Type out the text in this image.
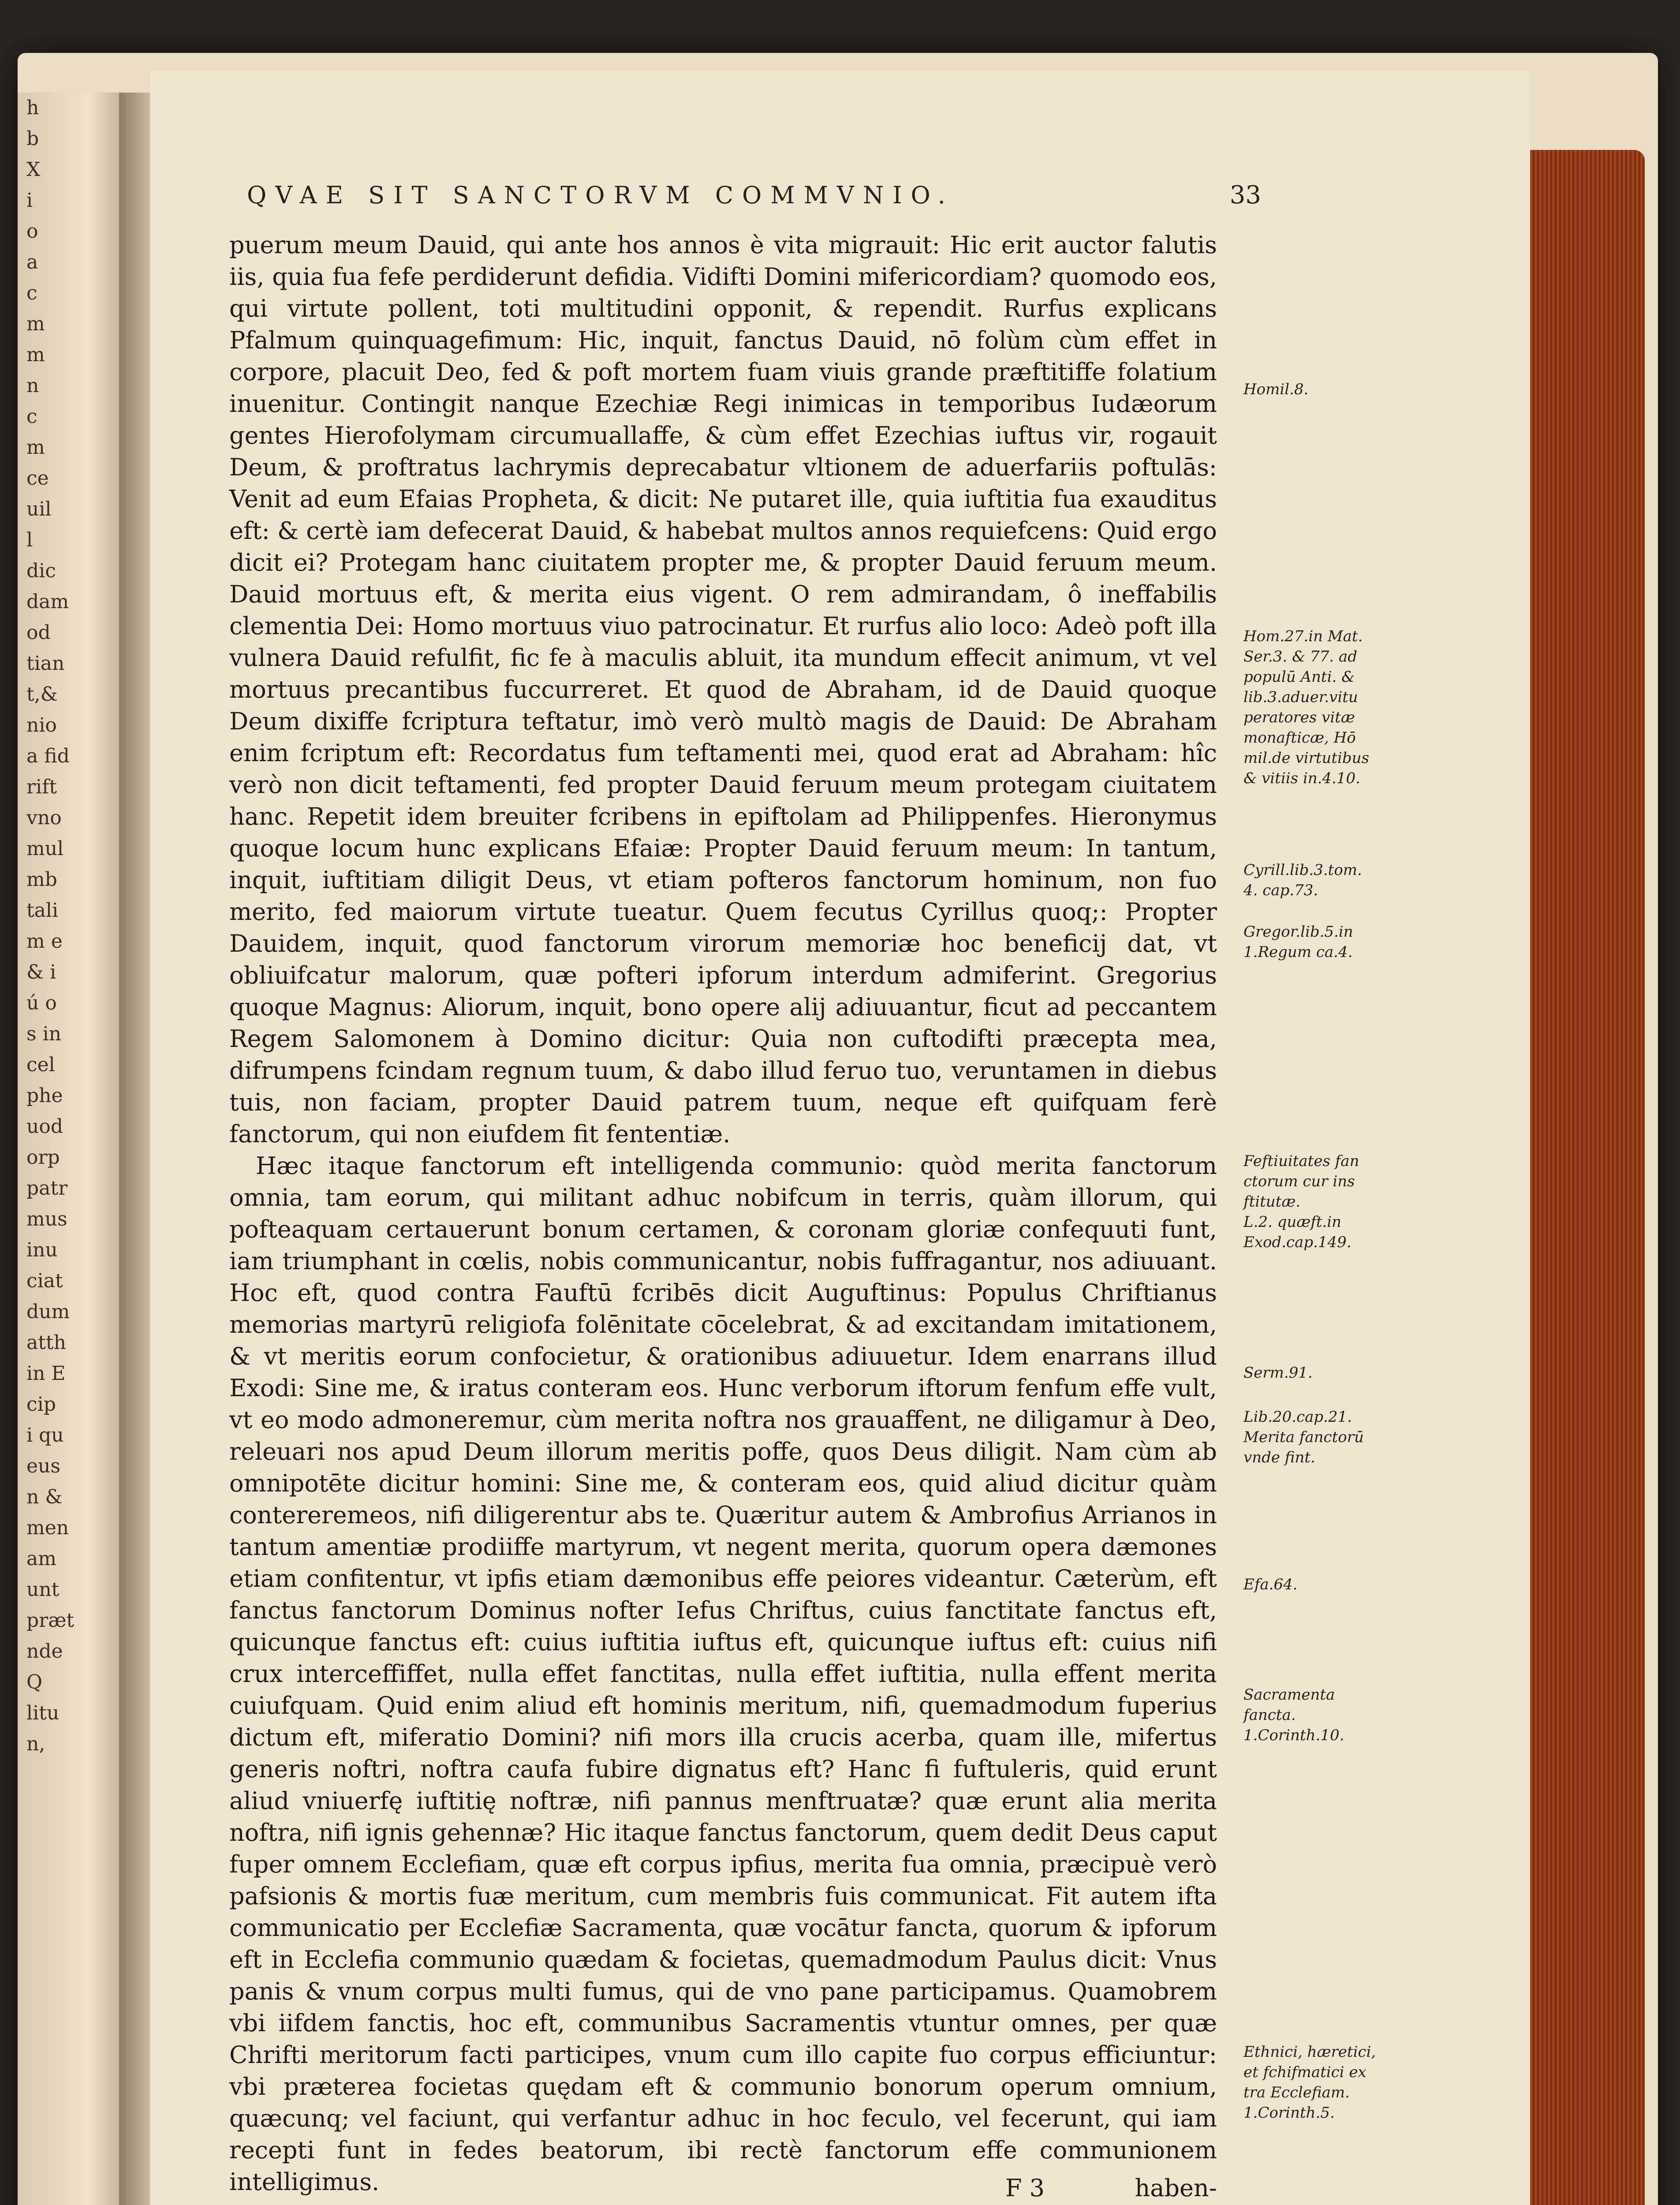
h
b
X
i
o
a
c
m
m
n
c
m
ce
uil
l
dic
dam
od
tian
t,&
nio
a fid
rift
vno
mul
mb
tali
m e
& i
ú o
s in
cel
phe
uod
orp
patr
mus
inu
ciat
dum
atth
in E
cip
i qu
eus
n &
men
am
unt
præt
nde
Q
litu
n,
QVAE SIT SANCTORVM COMMVNIO.	33

puerum meum Dauid, qui ante hos annos è vita migrauit: Hic erit auctor falutis iis, quia fua fefe perdiderunt defidia. Vidifti Domini mifericordiam? quomodo eos, qui virtute pollent, toti multitudini opponit, & rependit. Rurfus explicans Pfalmum quinquagefimum: Hic, inquit, fanctus Dauid, nō folùm cùm effet in corpore, placuit Deo, fed & poft mortem fuam viuis grande præftitiffe folatium inuenitur. Contingit nanque Ezechiæ Regi inimicas in temporibus Iudæorum gentes Hierofolymam circumuallaffe, & cùm effet Ezechias iuftus vir, rogauit Deum, & proftratus lachrymis deprecabatur vltionem de aduerfariis poftulās: Venit ad eum Efaias Propheta, & dicit: Ne putaret ille, quia iuftitia fua exauditus eft: & certè iam defecerat Dauid, & habebat multos annos requiefcens: Quid ergo dicit ei? Protegam hanc ciuitatem propter me, & propter Dauid feruum meum. Dauid mortuus eft, & merita eius vigent. O rem admirandam, ô ineffabilis clementia Dei: Homo mortuus viuo patrocinatur. Et rurfus alio loco: Adeò poft illa vulnera Dauid refulfit, fic fe à maculis abluit, ita mundum effecit animum, vt vel mortuus precantibus fuccurreret. Et quod de Abraham, id de Dauid quoque Deum dixiffe fcriptura teftatur, imò verò multò magis de Dauid: De Abraham enim fcriptum eft: Recordatus fum teftamenti mei, quod erat ad Abraham: hîc verò non dicit teftamenti, fed propter Dauid feruum meum protegam ciuitatem hanc. Repetit idem breuiter fcribens in epiftolam ad Philippenfes. Hieronymus quoque locum hunc explicans Efaiæ: Propter Dauid feruum meum: In tantum, inquit, iuftitiam diligit Deus, vt etiam pofteros fanctorum hominum, non fuo merito, fed maiorum virtute tueatur. Quem fecutus Cyrillus quoq;: Propter Dauidem, inquit, quod fanctorum virorum memoriæ hoc beneficij dat, vt obliuifcatur malorum, quæ pofteri ipforum interdum admiferint. Gregorius quoque Magnus: Aliorum, inquit, bono opere alij adiuuantur, ficut ad peccantem Regem Salomonem à Domino dicitur: Quia non cuftodifti præcepta mea, difrumpens fcindam regnum tuum, & dabo illud feruo tuo, veruntamen in diebus tuis, non faciam, propter Dauid patrem tuum, neque eft quifquam ferè fanctorum, qui non eiufdem fit fententiæ.

Hæc itaque fanctorum eft intelligenda communio: quòd merita fanctorum omnia, tam eorum, qui militant adhuc nobifcum in terris, quàm illorum, qui pofteaquam certauerunt bonum certamen, & coronam gloriæ confequuti funt, iam triumphant in cœlis, nobis communicantur, nobis fuffragantur, nos adiuuant. Hoc eft, quod contra Fauftū fcribēs dicit Auguftinus: Populus Chriftianus memorias martyrū religiofa folēnitate cōcelebrat, & ad excitandam imitationem, & vt meritis eorum confocietur, & orationibus adiuuetur. Idem enarrans illud Exodi: Sine me, & iratus conteram eos. Hunc verborum iftorum fenfum effe vult, vt eo modo admoneremur, cùm merita noftra nos grauaffent, ne diligamur à Deo, releuari nos apud Deum illorum meritis poffe, quos Deus diligit. Nam cùm ab omnipotēte dicitur homini: Sine me, & conteram eos, quid aliud dicitur quàm contereremeos, nifi diligerentur abs te. Quæritur autem & Ambrofius Arrianos in tantum amentiæ prodiiffe martyrum, vt negent merita, quorum opera dæmones etiam confitentur, vt ipfis etiam dæmonibus effe peiores videantur. Cæterùm, eft fanctus fanctorum Dominus nofter Iefus Chriftus, cuius fanctitate fanctus eft, quicunque fanctus eft: cuius iuftitia iuftus eft, quicunque iuftus eft: cuius nifi crux interceffiffet, nulla effet fanctitas, nulla effet iuftitia, nulla effent merita cuiufquam. Quid enim aliud eft hominis meritum, nifi, quemadmodum fuperius dictum eft, miferatio Domini? nifi mors illa crucis acerba, quam ille, mifertus generis noftri, noftra caufa fubire dignatus eft? Hanc fi fuftuleris, quid erunt aliud vniuerfę iuftitię noftræ, nifi pannus menftruatæ? quæ erunt alia merita noftra, nifi ignis gehennæ? Hic itaque fanctus fanctorum, quem dedit Deus caput fuper omnem Ecclefiam, quæ eft corpus ipfius, merita fua omnia, præcipuè verò pafsionis & mortis fuæ meritum, cum membris fuis communicat. Fit autem ifta communicatio per Ecclefiæ Sacramenta, quæ vocātur fancta, quorum & ipforum eft in Ecclefia communio quædam & focietas, quemadmodum Paulus dicit: Vnus panis & vnum corpus multi fumus, qui de vno pane participamus. Quamobrem vbi iifdem fanctis, hoc eft, communibus Sacramentis vtuntur omnes, per quæ Chrifti meritorum facti participes, vnum cum illo capite fuo corpus efficiuntur: vbi præterea focietas quędam eft & communio bonorum operum omnium, quæcunq; vel faciunt, qui verfantur adhuc in hoc feculo, vel fecerunt, qui iam recepti funt in fedes beatorum, ibi rectè fanctorum effe communionem intelligimus.	F 3	haben-
Homil.8.
Hom.27.in Mat.
Ser.3. & 77. ad
populū Anti. &
lib.3.aduer.vitu
peratores vitæ
monafticæ, Hō
mil.de virtutibus
& vitiis in.4.10.
Cyrill.lib.3.tom.
4. cap.73.
Gregor.lib.5.in
1.Regum ca.4.
Feftiuitates fan
ctorum cur ins
ftitutæ.
L.2. quæft.in
Exod.cap.149.
Serm.91.
Lib.20.cap.21.
Merita fanctorū
vnde fint.
Efa.64.
Sacramenta
fancta.
1.Corinth.10.
Ethnici, hæretici,
et fchifmatici ex
tra Ecclefiam.
1.Corinth.5.
